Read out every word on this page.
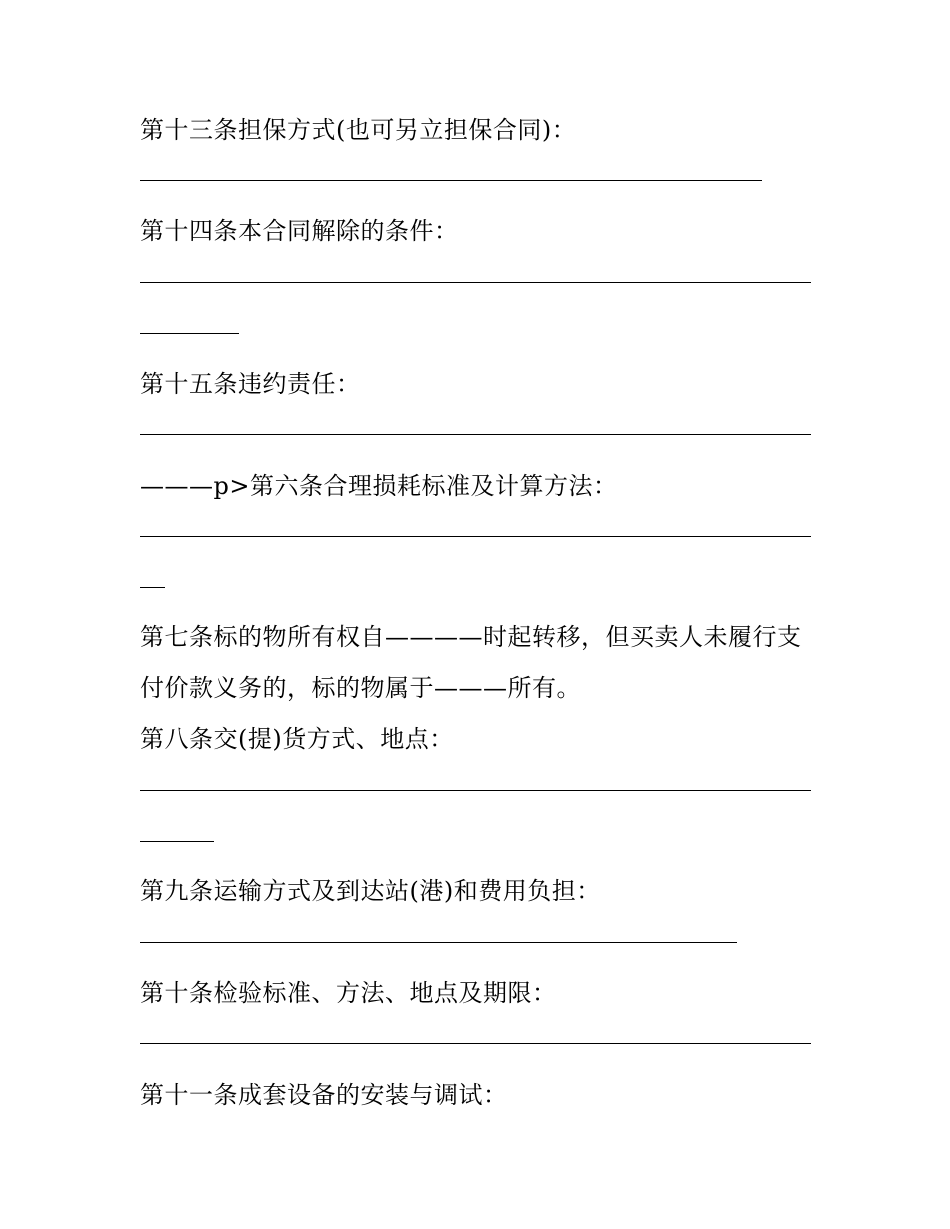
第十三条担保方式(也可另立担保合同)：
第十四条本合同解除的条件：
第十五条违约责任：
———p>第六条合理损耗标准及计算方法：
第七条标的物所有权自————时起转移，但买卖人未履行支
付价款义务的，标的物属于———所有。
第八条交(提)货方式、地点：
第九条运输方式及到达站(港)和费用负担：
第十条检验标准、方法、地点及期限：
第十一条成套设备的安装与调试：
